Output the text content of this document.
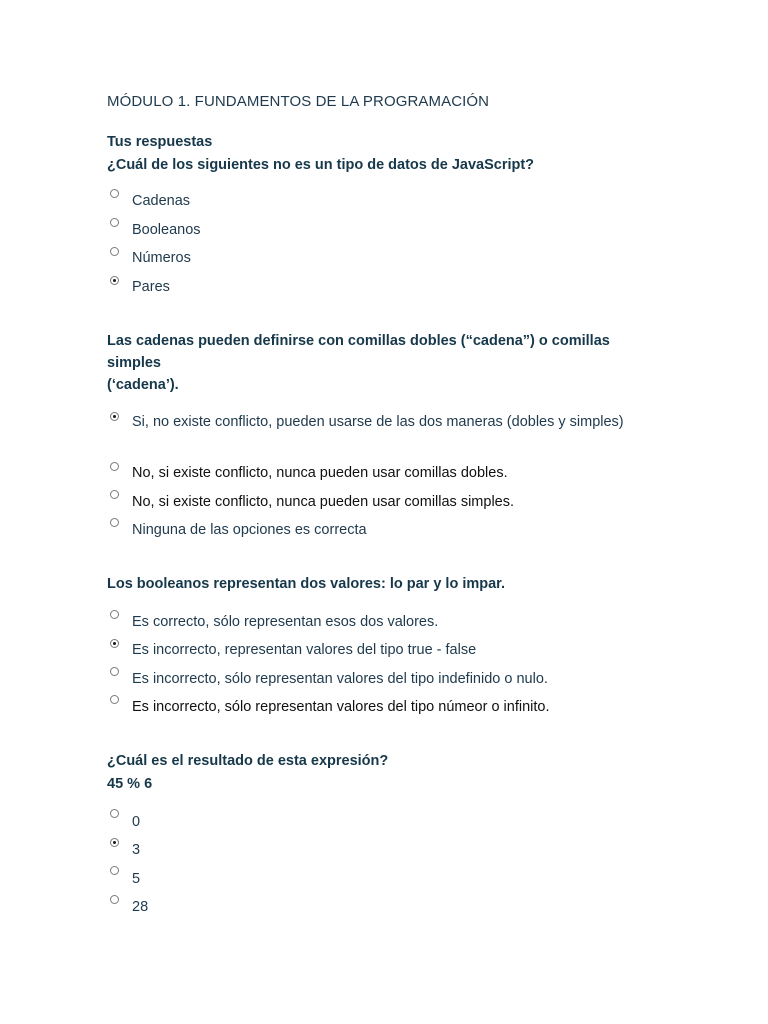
MÓDULO 1. FUNDAMENTOS DE LA PROGRAMACIÓN
Tus respuestas
¿Cuál de los siguientes no es un tipo de datos de JavaScript?
Cadenas
Booleanos
Números
Pares
Las cadenas pueden definirse con comillas dobles (“cadena”) o comillas
simples
(‘cadena’).
Si, no existe conflicto, pueden usarse de las dos maneras (dobles y simples)
No, si existe conflicto, nunca pueden usar comillas dobles.
No, si existe conflicto, nunca pueden usar comillas simples.
Ninguna de las opciones es correcta
Los booleanos representan dos valores: lo par y lo impar.
Es correcto, sólo representan esos dos valores.
Es incorrecto, representan valores del tipo true - false
Es incorrecto, sólo representan valores del tipo indefinido o nulo.
Es incorrecto, sólo representan valores del tipo númeor o infinito.
¿Cuál es el resultado de esta expresión?
45 % 6
0
3
5
28
